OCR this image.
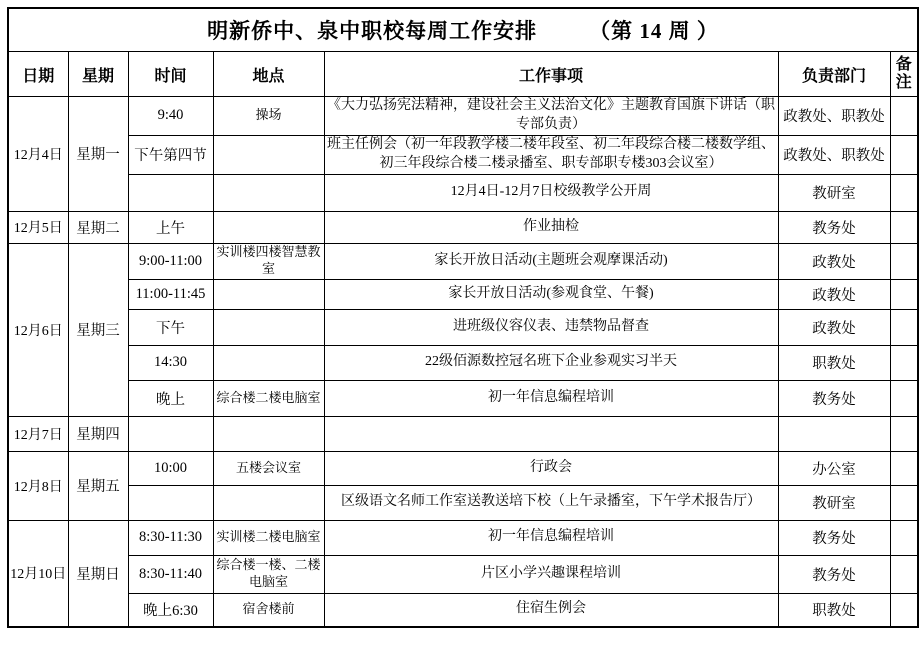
明新侨中、泉中职校每周工作安排 （第 14 周 ）						

日期	星期	时间	地点	工作事项	负责部门	备注
12月4日	星期一	9:40	操场	《大力弘扬宪法精神，建设社会主义法治文化》主题教育国旗下讲话（职专部负责）	政教处、职教处	
		下午第四节		班主任例会（初一年段教学楼二楼年段室、初二年段综合楼二楼数学组、初三年段综合楼二楼录播室、职专部职专楼303会议室）	政教处、职教处	
				12月4日-12月7日校级教学公开周	教研室	
12月5日	星期二	上午		作业抽检	教务处	
12月6日	星期三	9:00-11:00	实训楼四楼智慧教室	家长开放日活动(主题班会观摩课活动)	政教处	
		11:00-11:45		家长开放日活动(参观食堂、午餐)	政教处	
		下午		进班级仪容仪表、违禁物品督查	政教处	
		14:30		22级佰源数控冠名班下企业参观实习半天	职教处	
		晚上	综合楼二楼电脑室	初一年信息编程培训	教务处	
12月7日	星期四					
12月8日	星期五	10:00	五楼会议室	行政会	办公室	
				区级语文名师工作室送教送培下校（上午录播室，下午学术报告厅）	教研室	
12月10日	星期日	8:30-11:30	实训楼二楼电脑室	初一年信息编程培训	教务处	
		8:30-11:40	综合楼一楼、二楼电脑室	片区小学兴趣课程培训	教务处	
		晚上6:30	宿舍楼前	住宿生例会	职教处	
